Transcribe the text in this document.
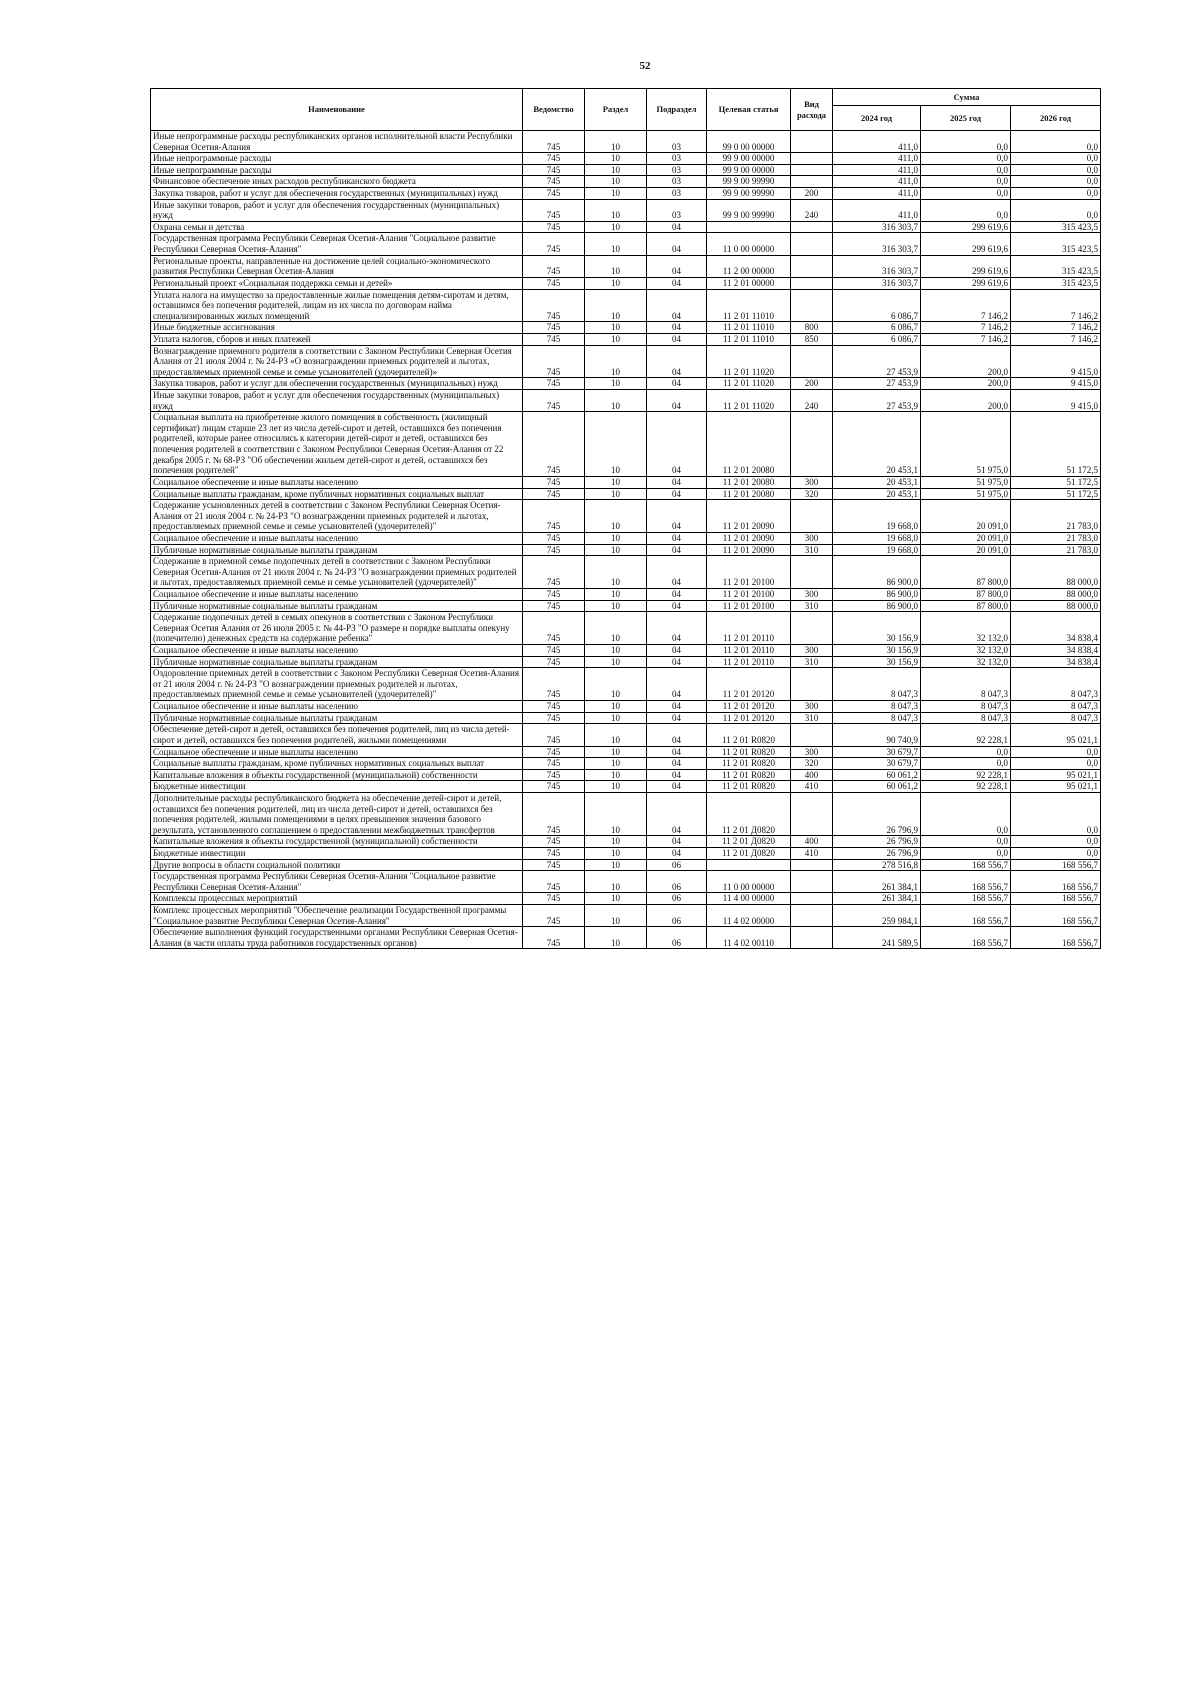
52
Наименование	Ведомство	Раздел	Подраздел	Целевая статья	Вид расхода	Сумма		
						2024 год	2025 год	2026 год
Иные непрограммные расходы республиканских органов исполнительной власти Республики Северная Осетия-Алания	745	10	03	99 0 00 00000		411,0	0,0	0,0
Иные непрограммные расходы	745	10	03	99 9 00 00000		411,0	0,0	0,0
Иные непрограммные расходы	745	10	03	99 9 00 00000		411,0	0,0	0,0
Финансовое обеспечение иных расходов республиканского бюджета	745	10	03	99 9 00 99990		411,0	0,0	0,0
Закупка товаров, работ и услуг для обеспечения государственных (муниципальных) нужд	745	10	03	99 9 00 99990	200	411,0	0,0	0,0
Иные закупки товаров, работ и услуг для обеспечения государственных (муниципальных) нужд	745	10	03	99 9 00 99990	240	411,0	0,0	0,0
Охрана семьи и детства	745	10	04			316 303,7	299 619,6	315 423,5
Государственная программа Республики Северная Осетия-Алания "Социальное развитие Республики Северная Осетия-Алания"	745	10	04	11 0 00 00000		316 303,7	299 619,6	315 423,5
Региональные проекты, направленные на достижение целей социально-экономического развития Республики Северная Осетия-Алания	745	10	04	11 2 00 00000		316 303,7	299 619,6	315 423,5
Региональный проект «Социальная поддержка семьи и детей»	745	10	04	11 2 01 00000		316 303,7	299 619,6	315 423,5
Уплата налога на имущество за предоставленные жилые помещения детям-сиротам и детям, оставшимся без попечения родителей, лицам из их числа по договорам найма специализированных жилых помещений	745	10	04	11 2 01 11010		6 086,7	7 146,2	7 146,2
Иные бюджетные ассигнования	745	10	04	11 2 01 11010	800	6 086,7	7 146,2	7 146,2
Уплата налогов, сборов и иных платежей	745	10	04	11 2 01 11010	850	6 086,7	7 146,2	7 146,2
Вознаграждение приемного родителя в соответствии с Законом Республики Северная Осетия Алания от 21 июля 2004 г. № 24-РЗ «О вознаграждении приемных родителей и льготах, предоставляемых приемной семье и семье усыновителей (удочерителей)»	745	10	04	11 2 01 11020		27 453,9	200,0	9 415,0
Закупка товаров, работ и услуг для обеспечения государственных (муниципальных) нужд	745	10	04	11 2 01 11020	200	27 453,9	200,0	9 415,0
Иные закупки товаров, работ и услуг для обеспечения государственных (муниципальных) нужд	745	10	04	11 2 01 11020	240	27 453,9	200,0	9 415,0
Социальная выплата на приобретение жилого помещения в собственность (жилищный сертификат) лицам старше 23 лет из числа детей-сирот и детей, оставшихся без попечения родителей, которые ранее относились к категории детей-сирот и детей, оставшихся без попечения родителей в соответствии с Законом Республики Северная Осетия-Алания от 22 декабря 2005 г. № 68-РЗ "Об обеспечении жильем детей-сирот и детей, оставшихся без попечения родителей"	745	10	04	11 2 01 20080		20 453,1	51 975,0	51 172,5
Социальное обеспечение и иные выплаты населению	745	10	04	11 2 01 20080	300	20 453,1	51 975,0	51 172,5
Социальные выплаты гражданам, кроме публичных нормативных социальных выплат	745	10	04	11 2 01 20080	320	20 453,1	51 975,0	51 172,5
Содержание усыновленных детей в соответствии с Законом Республики Северная Осетия-Алания от 21 июля 2004 г. № 24-РЗ "О вознаграждении приемных родителей и льготах, предоставляемых приемной семье и семье усыновителей (удочерителей)"	745	10	04	11 2 01 20090		19 668,0	20 091,0	21 783,0
Социальное обеспечение и иные выплаты населению	745	10	04	11 2 01 20090	300	19 668,0	20 091,0	21 783,0
Публичные нормативные социальные выплаты гражданам	745	10	04	11 2 01 20090	310	19 668,0	20 091,0	21 783,0
Содержание в приемной семье подопечных детей в соответствии с Законом Республики Северная Осетия-Алания от 21 июля 2004 г. № 24-РЗ "О вознаграждении приемных родителей и льготах, предоставляемых приемной семье и семье усыновителей (удочерителей)"	745	10	04	11 2 01 20100		86 900,0	87 800,0	88 000,0
Социальное обеспечение и иные выплаты населению	745	10	04	11 2 01 20100	300	86 900,0	87 800,0	88 000,0
Публичные нормативные социальные выплаты гражданам	745	10	04	11 2 01 20100	310	86 900,0	87 800,0	88 000,0
Содержание подопечных детей в семьях опекунов в соответствии с Законом Республики Северная Осетия Алания от 26 июля 2005 г. № 44-РЗ "О размере и порядке выплаты опекуну (попечителю) денежных средств на содержание ребенка"	745	10	04	11 2 01 20110		30 156,9	32 132,0	34 838,4
Социальное обеспечение и иные выплаты населению	745	10	04	11 2 01 20110	300	30 156,9	32 132,0	34 838,4
Публичные нормативные социальные выплаты гражданам	745	10	04	11 2 01 20110	310	30 156,9	32 132,0	34 838,4
Оздоровление приемных детей в соответствии с Законом Республики Северная Осетия-Алания от 21 июля 2004 г. № 24-РЗ "О вознаграждении приемных родителей и льготах, предоставляемых приемной семье и семье усыновителей (удочерителей)"	745	10	04	11 2 01 20120		8 047,3	8 047,3	8 047,3
Социальное обеспечение и иные выплаты населению	745	10	04	11 2 01 20120	300	8 047,3	8 047,3	8 047,3
Публичные нормативные социальные выплаты гражданам	745	10	04	11 2 01 20120	310	8 047,3	8 047,3	8 047,3
Обеспечение детей-сирот и детей, оставшихся без попечения родителей, лиц из числа детей-сирот и детей, оставшихся без попечения родителей, жилыми помещениями	745	10	04	11 2 01 R0820		90 740,9	92 228,1	95 021,1
Социальное обеспечение и иные выплаты населению	745	10	04	11 2 01 R0820	300	30 679,7	0,0	0,0
Социальные выплаты гражданам, кроме публичных нормативных социальных выплат	745	10	04	11 2 01 R0820	320	30 679,7	0,0	0,0
Капитальные вложения в объекты государственной (муниципальной) собственности	745	10	04	11 2 01 R0820	400	60 061,2	92 228,1	95 021,1
Бюджетные инвестиции	745	10	04	11 2 01 R0820	410	60 061,2	92 228,1	95 021,1
Дополнительные расходы республиканского бюджета на обеспечение детей-сирот и детей, оставшихся без попечения родителей, лиц из числа детей-сирот и детей, оставшихся без попечения родителей, жилыми помещениями в целях превышения значения базового результата, установленного соглашением о предоставлении межбюджетных трансфертов	745	10	04	11 2 01 Д0820		26 796,9	0,0	0,0
Капитальные вложения в объекты государственной (муниципальной) собственности	745	10	04	11 2 01 Д0820	400	26 796,9	0,0	0,0
Бюджетные инвестиции	745	10	04	11 2 01 Д0820	410	26 796,9	0,0	0,0
Другие вопросы в области социальной политики	745	10	06			278 516,8	168 556,7	168 556,7
Государственная программа Республики Северная Осетия-Алания "Социальное развитие Республики Северная Осетия-Алания"	745	10	06	11 0 00 00000		261 384,1	168 556,7	168 556,7
Комплексы процессных мероприятий	745	10	06	11 4 00 00000		261 384,1	168 556,7	168 556,7
Комплекс процессных мероприятий "Обеспечение реализации Государственной программы "Социальное развитие Республики Северная Осетия-Алания"	745	10	06	11 4 02 00000		259 984,1	168 556,7	168 556,7
Обеспечение выполнения функций государственными органами Республики Северная Осетия-Алания (в части оплаты труда работников государственных органов)	745	10	06	11 4 02 00110		241 589,5	168 556,7	168 556,7
